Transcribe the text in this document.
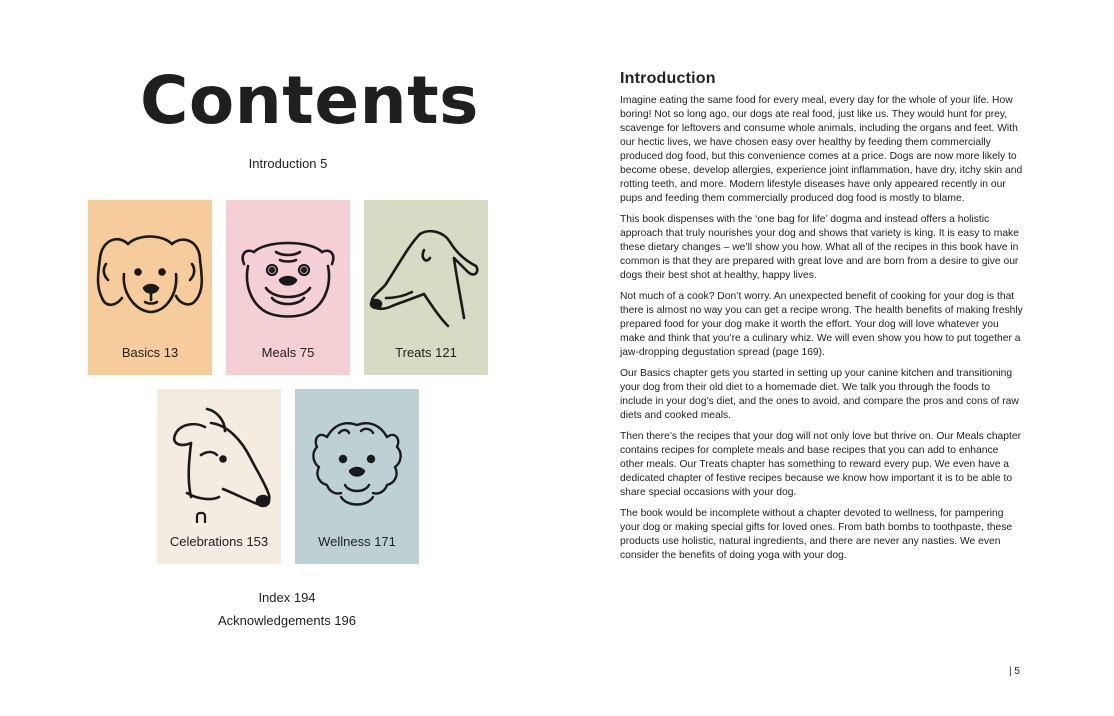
Contents
Introduction 5
Basics 13	Meals 75	Treats 121
Celebrations 153	Wellness 171
Index 194
Acknowledgements 196
Introduction

Imagine eating the same food for every meal, every day for the whole of your life. How boring! Not so long ago, our dogs ate real food, just like us. They would hunt for prey, scavenge for leftovers and consume whole animals, including the organs and feet. With our hectic lives, we have chosen easy over healthy by feeding them commercially produced dog food, but this convenience comes at a price. Dogs are now more likely to become obese, develop allergies, experience joint inflammation, have dry, itchy skin and rotting teeth, and more. Modern lifestyle diseases have only appeared recently in our pups and feeding them commercially produced dog food is mostly to blame.

This book dispenses with the ‘one bag for life’ dogma and instead offers a holistic approach that truly nourishes your dog and shows that variety is king. It is easy to make these dietary changes – we’ll show you how. What all of the recipes in this book have in common is that they are prepared with great love and are born from a desire to give our dogs their best shot at healthy, happy lives.

Not much of a cook? Don’t worry. An unexpected benefit of cooking for your dog is that there is almost no way you can get a recipe wrong. The health benefits of making freshly prepared food for your dog make it worth the effort. Your dog will love whatever you make and think that you’re a culinary whiz. We will even show you how to put together a jaw-dropping degustation spread (page 169).

Our Basics chapter gets you started in setting up your canine kitchen and transitioning your dog from their old diet to a homemade diet. We talk you through the foods to include in your dog’s diet, and the ones to avoid, and compare the pros and cons of raw diets and cooked meals.

Then there’s the recipes that your dog will not only love but thrive on. Our Meals chapter contains recipes for complete meals and base recipes that you can add to enhance other meals. Our Treats chapter has something to reward every pup. We even have a dedicated chapter of festive recipes because we know how important it is to be able to share special occasions with your dog.

The book would be incomplete without a chapter devoted to wellness, for pampering your dog or making special gifts for loved ones. From bath bombs to toothpaste, these products use holistic, natural ingredients, and there are never any nasties. We even consider the benefits of doing yoga with your dog.

| 5
